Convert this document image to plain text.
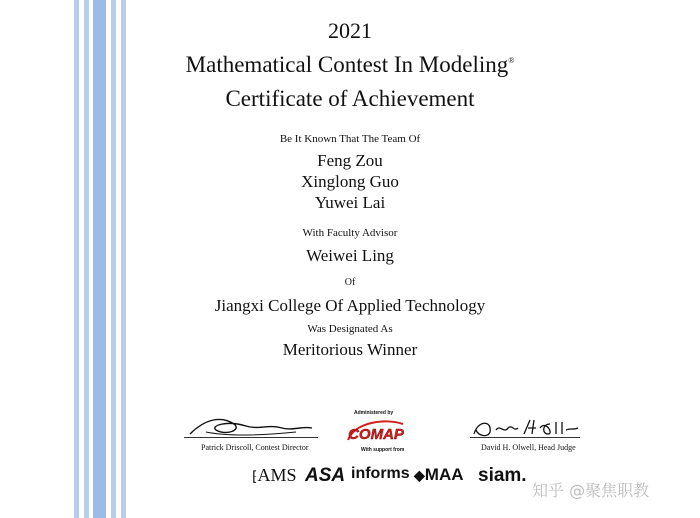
2021
Mathematical Contest In Modeling®
Certificate of Achievement
Be It Known That The Team Of
Feng Zou
Xinglong Guo
Yuwei Lai
With Faculty Advisor
Weiwei Ling
Of
Jiangxi College Of Applied Technology
Was Designated As
Meritorious Winner
Patrick Driscoll, Contest Director	David H. Olwell, Head Judge
Administered by
COMAP
With support from
⁅AMS ASA informs ◆MAA siam.
知乎 @聚焦职教
